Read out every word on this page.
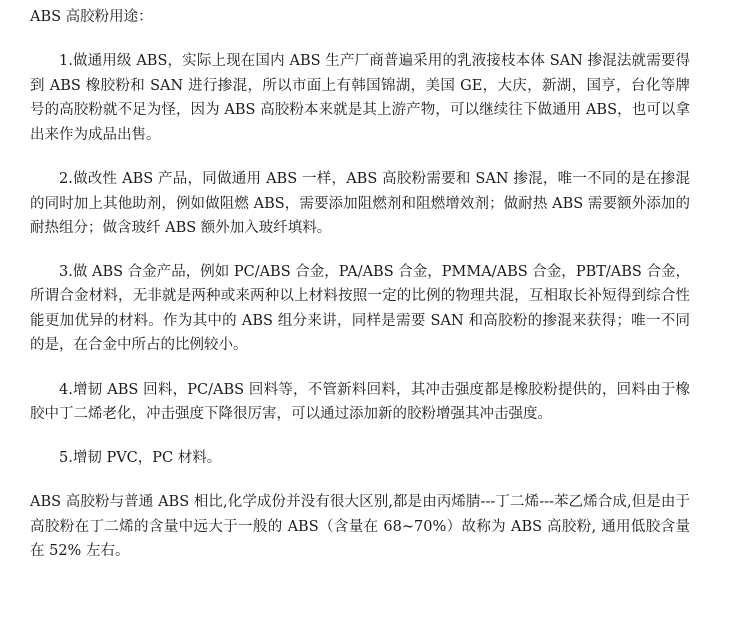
ABS 高胶粉用途：

1.做通用级 ABS，实际上现在国内 ABS 生产厂商普遍采用的乳液接枝本体 SAN 掺混法就需要得到 ABS 橡胶粉和 SAN 进行掺混，所以市面上有韩国锦湖，美国 GE，大庆，新湖，国亨，台化等牌号的高胶粉就不足为怪，因为 ABS 高胶粉本来就是其上游产物，可以继续往下做通用 ABS，也可以拿出来作为成品出售。

2.做改性 ABS 产品，同做通用 ABS 一样，ABS 高胶粉需要和 SAN 掺混，唯一不同的是在掺混的同时加上其他助剂，例如做阻燃 ABS，需要添加阻燃剂和阻燃增效剂；做耐热 ABS 需要额外添加的耐热组分；做含玻纤 ABS 额外加入玻纤填料。

3.做 ABS 合金产品，例如 PC/ABS 合金，PA/ABS 合金，PMMA/ABS 合金，PBT/ABS 合金，所谓合金材料，无非就是两种或来两种以上材料按照一定的比例的物理共混，互相取长补短得到综合性能更加优异的材料。作为其中的 ABS 组分来讲，同样是需要 SAN 和高胶粉的掺混来获得；唯一不同的是，在合金中所占的比例较小。

4.增韧 ABS 回料，PC/ABS 回料等，不管新料回料，其冲击强度都是橡胶粉提供的，回料由于橡胶中丁二烯老化，冲击强度下降很厉害，可以通过添加新的胶粉增强其冲击强度。

5.增韧 PVC，PC 材料。

ABS 高胶粉与普通 ABS 相比,化学成份并没有很大区别,都是由丙烯腈---丁二烯---苯乙烯合成,但是由于高胶粉在丁二烯的含量中远大于一般的 ABS（含量在 68~70%）故称为 ABS 高胶粉, 通用低胶含量在 52% 左右。
